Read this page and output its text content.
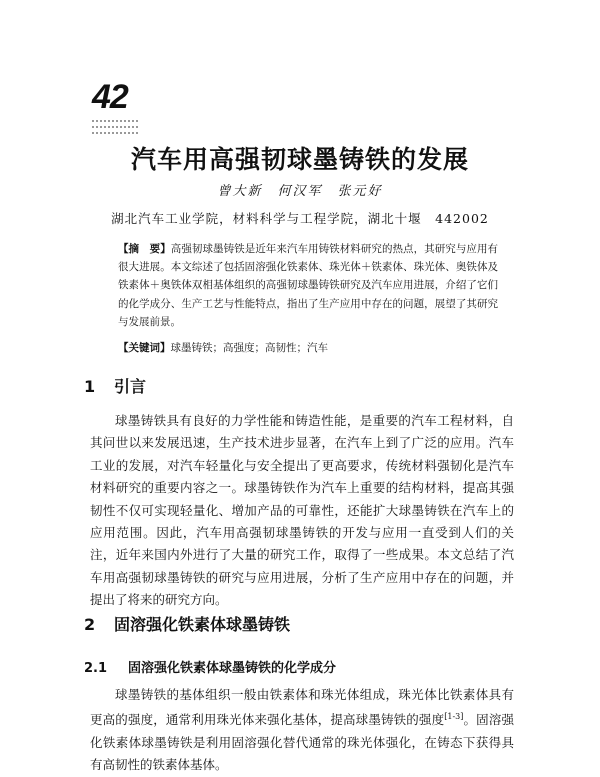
42
汽车用高强韧球墨铸铁的发展
曾大新　何汉军　张元好
湖北汽车工业学院，材料科学与工程学院，湖北十堰　442002
【摘　要】高强韧球墨铸铁是近年来汽车用铸铁材料研究的热点，其研究与应用有很大进展。本文综述了包括固溶强化铁素体、珠光体＋铁素体、珠光体、奥铁体及铁素体＋奥铁体双相基体组织的高强韧球墨铸铁研究及汽车应用进展，介绍了它们的化学成分、生产工艺与性能特点，指出了生产应用中存在的问题，展望了其研究与发展前景。
【关键词】球墨铸铁；高强度；高韧性；汽车
1 引言
球墨铸铁具有良好的力学性能和铸造性能，是重要的汽车工程材料，自其问世以来发展迅速，生产技术进步显著，在汽车上到了广泛的应用。汽车工业的发展，对汽车轻量化与安全提出了更高要求，传统材料强韧化是汽车材料研究的重要内容之一。球墨铸铁作为汽车上重要的结构材料，提高其强韧性不仅可实现轻量化、增加产品的可靠性，还能扩大球墨铸铁在汽车上的应用范围。因此，汽车用高强韧球墨铸铁的开发与应用一直受到人们的关注，近年来国内外进行了大量的研究工作，取得了一些成果。本文总结了汽车用高强韧球墨铸铁的研究与应用进展，分析了生产应用中存在的问题，并提出了将来的研究方向。
2 固溶强化铁素体球墨铸铁
2.1 固溶强化铁素体球墨铸铁的化学成分
球墨铸铁的基体组织一般由铁素体和珠光体组成，珠光体比铁素体具有更高的强度，通常利用珠光体来强化基体，提高球墨铸铁的强度[1-3]。固溶强化铁素体球墨铸铁是利用固溶强化替代通常的珠光体强化，在铸态下获得具有高韧性的铁素体基体。
